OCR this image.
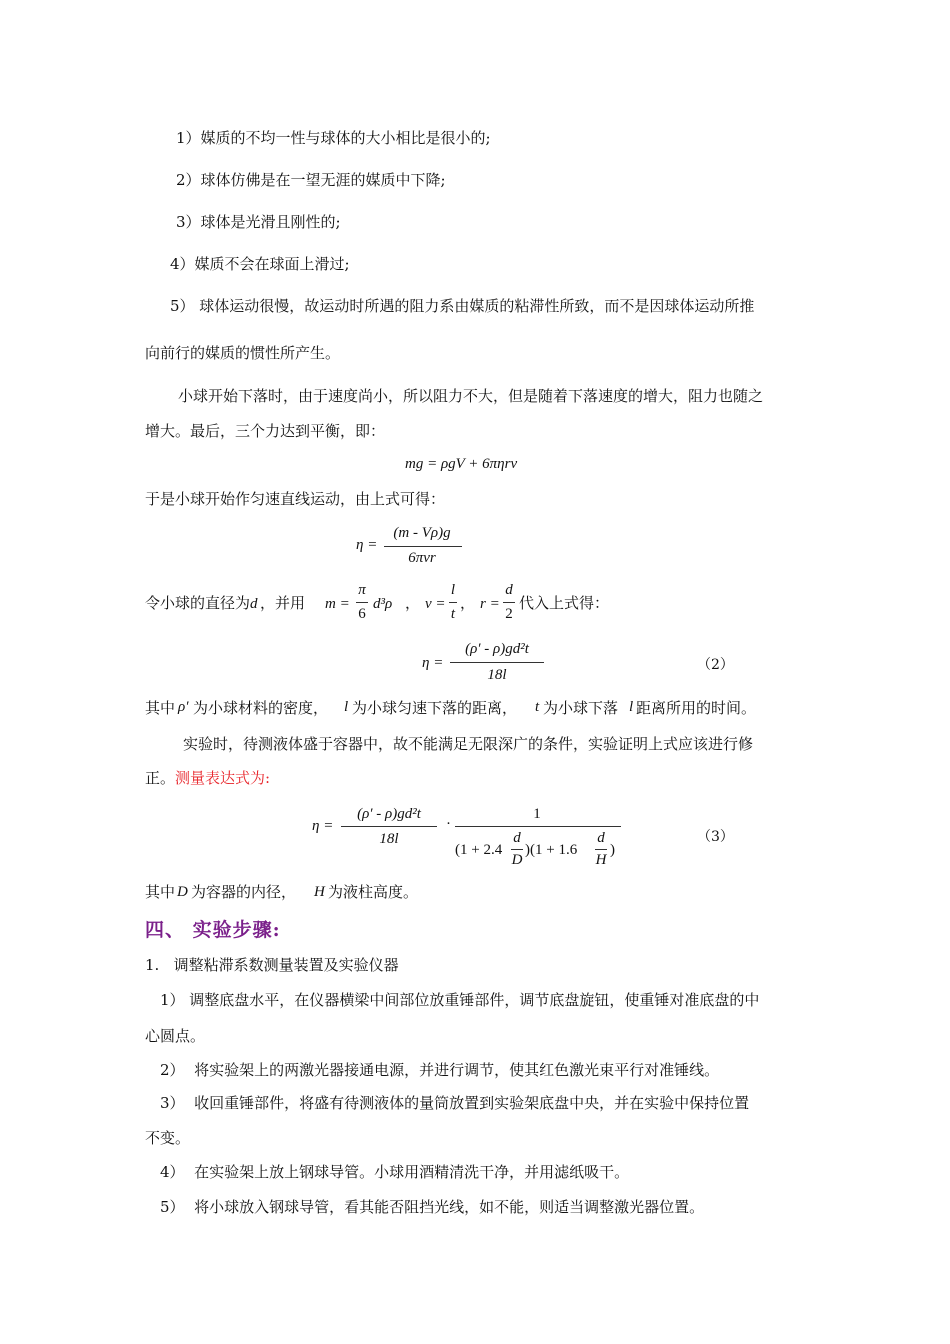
1）媒质的不均一性与球体的大小相比是很小的;
2）球体仿佛是在一望无涯的媒质中下降;
3）球体是光滑且刚性的;
4）媒质不会在球面上滑过;
5） 球体运动很慢，故运动时所遇的阻力系由媒质的粘滞性所致，而不是因球体运动所推
向前行的媒质的惯性所产生。
小球开始下落时，由于速度尚小，所以阻力不大，但是随着下落速度的增大，阻力也随之
增大。最后，三个力达到平衡，即：
mg = ρgV + 6πηrv
于是小球开始作匀速直线运动，由上式可得：
η =
(m - Vρ)g
6πvr
令小球的直径为 d ，并用 m =
π
6
d³ρ ， v =
l
t
， r =
d
2
代入上式得：
η =
(ρ′ - ρ)gd²t
18l
（2）
其中 ρ′ 为小球材料的密度， l 为小球匀速下落的距离， t 为小球下落 l 距离所用的时间。
实验时，待测液体盛于容器中，故不能满足无限深广的条件，实验证明上式应该进行修
正。测量表达式为:
η =
(ρ′ - ρ)gd²t
18l
·
1
(1 + 2.4
d
D
)(1 + 1.6
d
H
)
（3）
其中 D 为容器的内径， H 为液柱高度。
四、 实验步骤:
1.   调整粘滞系数测量装置及实验仪器
1） 调整底盘水平，在仪器横梁中间部位放重锤部件，调节底盘旋钮，使重锤对准底盘的中
心圆点。
2）  将实验架上的两激光器接通电源，并进行调节，使其红色激光束平行对准锤线。
3）  收回重锤部件，将盛有待测液体的量筒放置到实验架底盘中央，并在实验中保持位置
不变。
4）  在实验架上放上钢球导管。小球用酒精清洗干净，并用滤纸吸干。
5）  将小球放入钢球导管，看其能否阻挡光线，如不能，则适当调整激光器位置。
